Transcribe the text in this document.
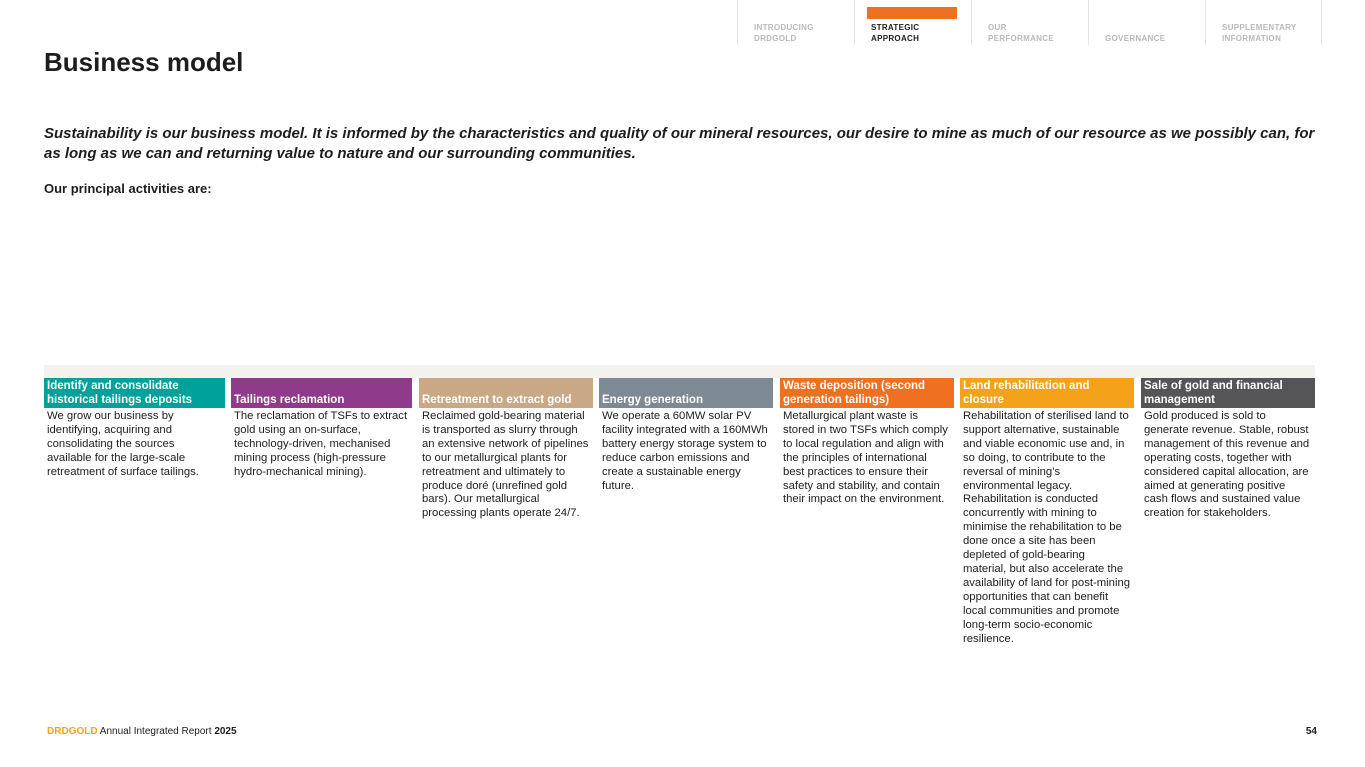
INTRODUCING
DRDGOLD
STRATEGIC
APPROACH
OUR
PERFORMANCE	
GOVERNANCE
SUPPLEMENTARY
INFORMATION
Business model

Sustainability is our business model. It is informed by the characteristics and quality of our mineral resources, our desire to mine as much of our resource as we possibly can, for as long as we can and returning value to nature and our surrounding communities.

Our principal activities are:

Identify and consolidate historical tailings deposits
We grow our business by identifying, acquiring and consolidating the sources available for the large-scale retreatment of surface tailings.
Tailings reclamation
The reclamation of TSFs to extract gold using an on-surface, technology-driven, mechanised mining process (high-pressure hydro-mechanical mining).
Retreatment to extract gold
Reclaimed gold-bearing material is transported as slurry through an extensive network of pipelines to our metallurgical plants for retreatment and ultimately to produce doré (unrefined gold bars). Our metallurgical processing plants operate 24/7.
Energy generation
We operate a 60MW solar PV facility integrated with a 160MWh battery energy storage system to reduce carbon emissions and create a sustainable energy future.
Waste deposition (second generation tailings)
Metallurgical plant waste is stored in two TSFs which comply to local regulation and align with the principles of international best practices to ensure their safety and stability, and contain their impact on the environment.
Land rehabilitation and closure
Rehabilitation of sterilised land to support alternative, sustainable and viable economic use and, in so doing, to contribute to the reversal of mining’s environmental legacy. Rehabilitation is conducted concurrently with mining to minimise the rehabilitation to be done once a site has been depleted of gold-bearing material, but also accelerate the availability of land for post-mining opportunities that can benefit local communities and promote long-term socio-economic resilience.
Sale of gold and financial management
Gold produced is sold to generate revenue. Stable, robust management of this revenue and operating costs, together with considered capital allocation, are aimed at generating positive cash flows and sustained value creation for stakeholders.
DRDGOLD Annual Integrated Report 2025	54
